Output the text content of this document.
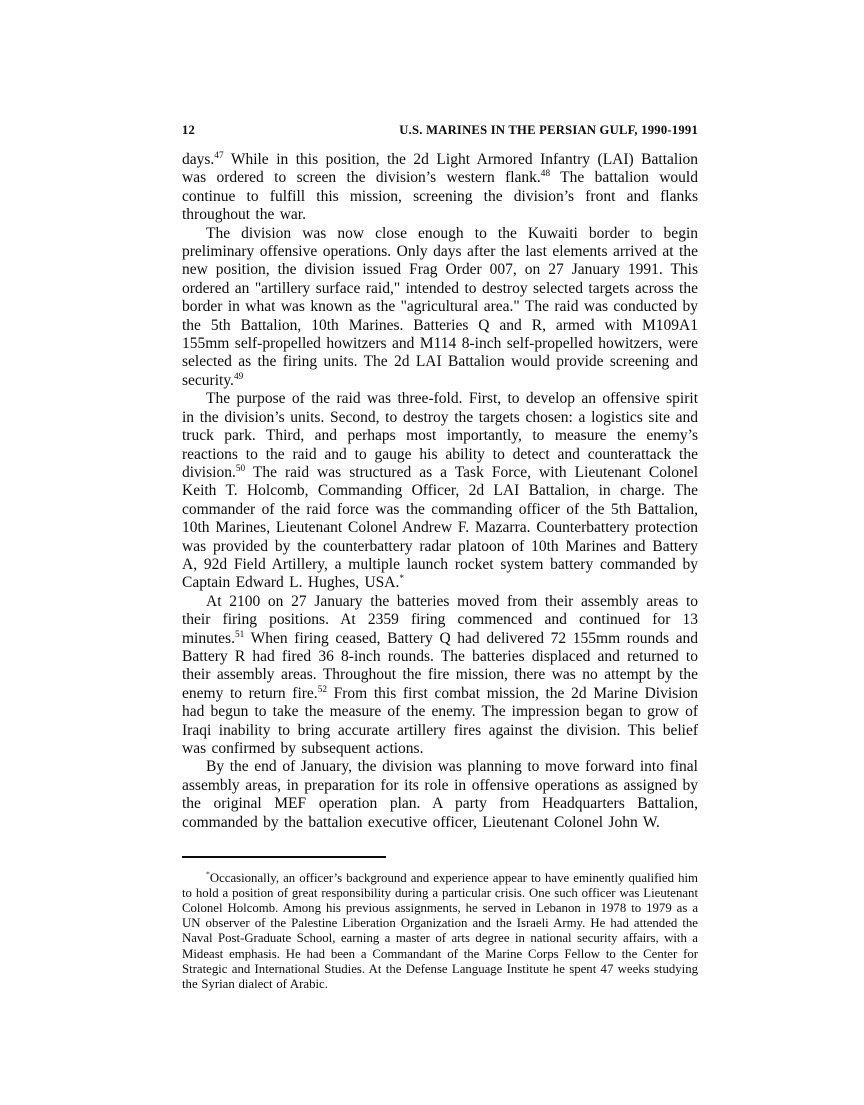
12	U.S. MARINES IN THE PERSIAN GULF, 1990-1991

days.$^{47}$ While in this position, the 2d Light Armored Infantry (LAI) Battalion was ordered to screen the division’s western flank.$^{48}$ The battalion would continue to fulfill this mission, screening the division’s front and flanks throughout the war.

The division was now close enough to the Kuwaiti border to begin preliminary offensive operations. Only days after the last elements arrived at the new position, the division issued Frag Order 007, on 27 January 1991. This ordered an "artillery surface raid," intended to destroy selected targets across the border in what was known as the "agricultural area." The raid was conducted by the 5th Battalion, 10th Marines. Batteries Q and R, armed with M109A1 155mm self-propelled howitzers and M114 8-inch self-propelled howitzers, were selected as the firing units. The 2d LAI Battalion would provide screening and security.$^{49}$

The purpose of the raid was three-fold. First, to develop an offensive spirit in the division’s units. Second, to destroy the targets chosen: a logistics site and truck park. Third, and perhaps most importantly, to measure the enemy’s reactions to the raid and to gauge his ability to detect and counterattack the division.$^{50}$ The raid was structured as a Task Force, with Lieutenant Colonel Keith T. Holcomb, Commanding Officer, 2d LAI Battalion, in charge. The commander of the raid force was the commanding officer of the 5th Battalion, 10th Marines, Lieutenant Colonel Andrew F. Mazarra. Counterbattery protection was provided by the counterbattery radar platoon of 10th Marines and Battery A, 92d Field Artillery, a multiple launch rocket system battery commanded by Captain Edward L. Hughes, USA.*

At 2100 on 27 January the batteries moved from their assembly areas to their firing positions. At 2359 firing commenced and continued for 13 minutes.$^{51}$ When firing ceased, Battery Q had delivered 72 155mm rounds and Battery R had fired 36 8-inch rounds. The batteries displaced and returned to their assembly areas. Throughout the fire mission, there was no attempt by the enemy to return fire.$^{52}$ From this first combat mission, the 2d Marine Division had begun to take the measure of the enemy. The impression began to grow of Iraqi inability to bring accurate artillery fires against the division. This belief was confirmed by subsequent actions.

By the end of January, the division was planning to move forward into final assembly areas, in preparation for its role in offensive operations as assigned by the original MEF operation plan. A party from Headquarters Battalion, commanded by the battalion executive officer, Lieutenant Colonel John W.

*Occasionally, an officer’s background and experience appear to have eminently qualified him to hold a position of great responsibility during a particular crisis. One such officer was Lieutenant Colonel Holcomb. Among his previous assignments, he served in Lebanon in 1978 to 1979 as a UN observer of the Palestine Liberation Organization and the Israeli Army. He had attended the Naval Post-Graduate School, earning a master of arts degree in national security affairs, with a Mideast emphasis. He had been a Commandant of the Marine Corps Fellow to the Center for Strategic and International Studies. At the Defense Language Institute he spent 47 weeks studying the Syrian dialect of Arabic.
